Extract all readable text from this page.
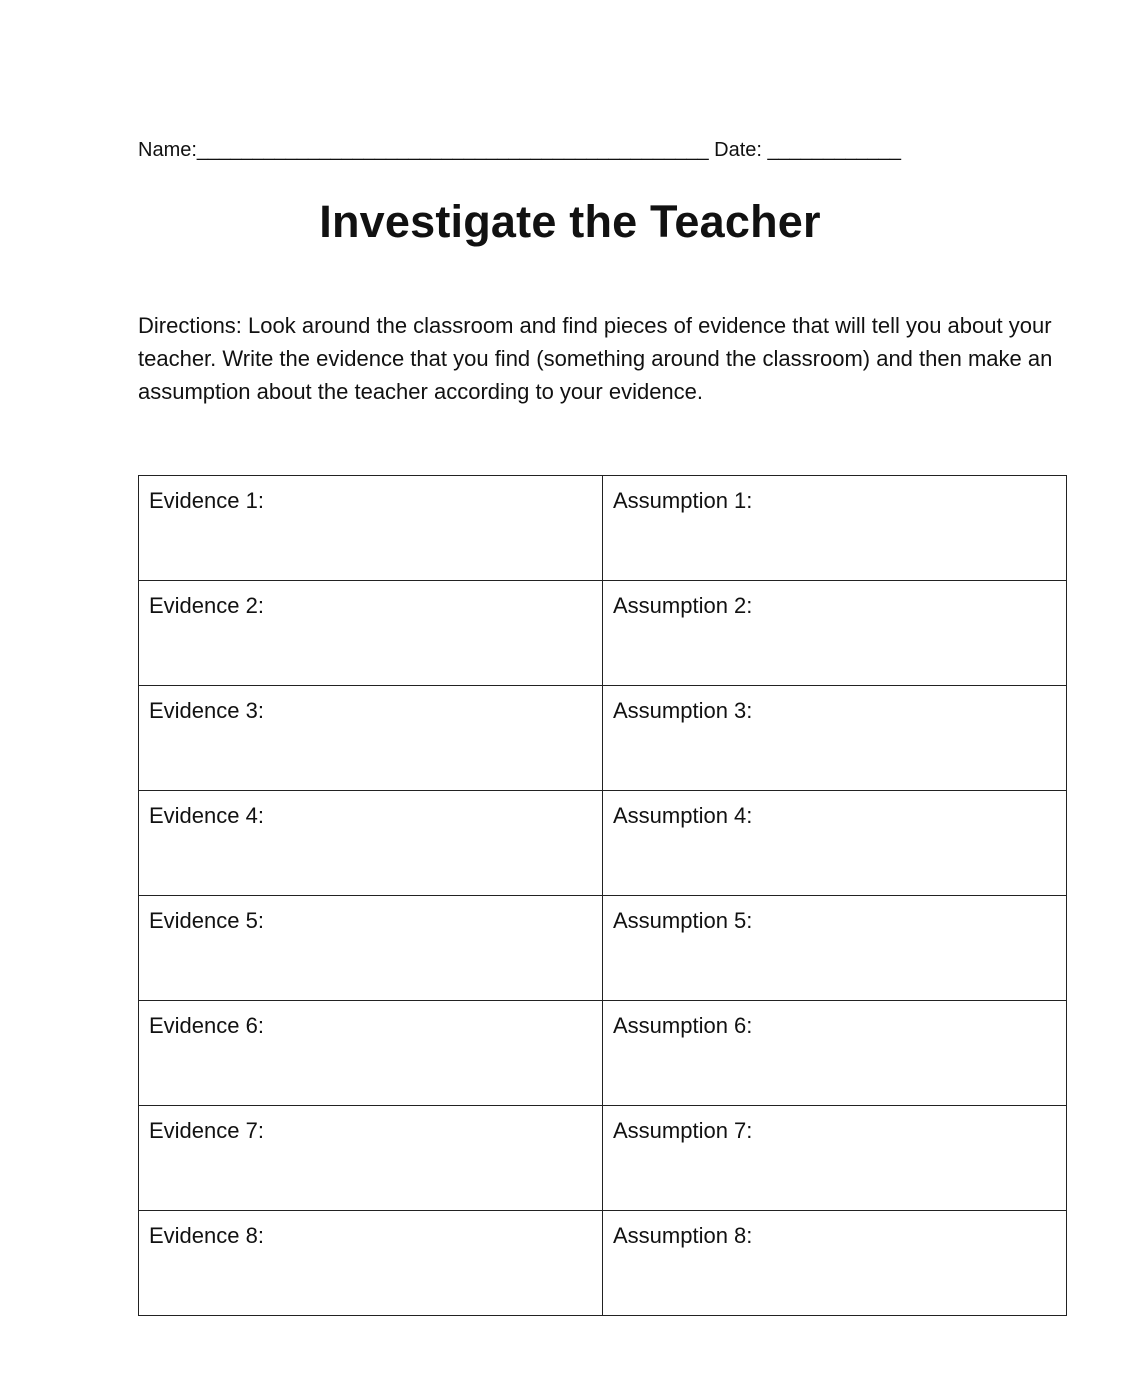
Name:______________________________________________ Date: ____________
Investigate the Teacher
Directions: Look around the classroom and find pieces of evidence that will tell you about your teacher. Write the evidence that you find (something around the classroom) and then make an assumption about the teacher according to your evidence.
Evidence 1:	Assumption 1:
Evidence 2:	Assumption 2:
Evidence 3:	Assumption 3:
Evidence 4:	Assumption 4:
Evidence 5:	Assumption 5:
Evidence 6:	Assumption 6:
Evidence 7:	Assumption 7:
Evidence 8:	Assumption 8:
